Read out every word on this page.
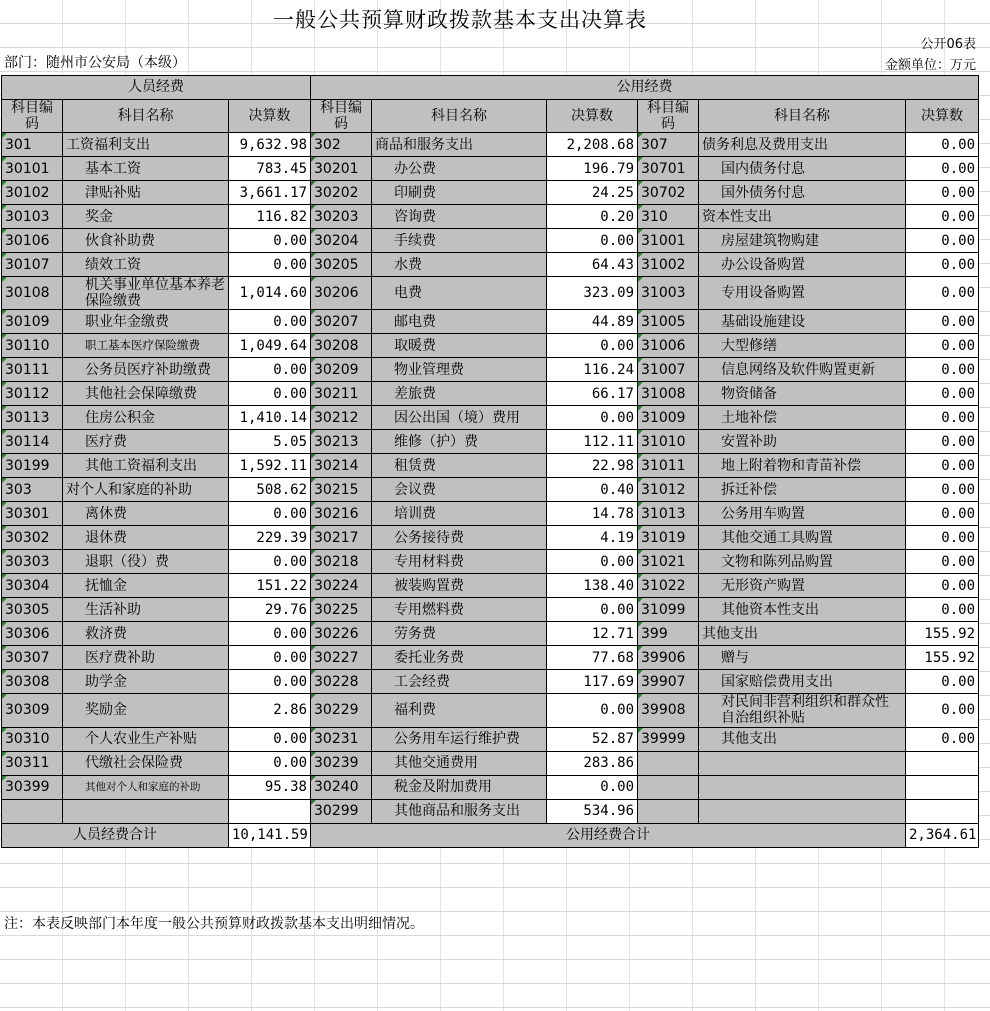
一般公共预算财政拨款基本支出决算表
公开06表
部门：随州市公安局（本级）	金额单位：万元
人员经费			公用经费					
科目编码	科目名称	决算数	科目编码	科目名称	决算数	科目编码	科目名称	决算数
301	工资福利支出	9,632.98	302	商品和服务支出	2,208.68	307	债务利息及费用支出	0.00
30101	基本工资	783.45	30201	办公费	196.79	30701	国内债务付息	0.00
30102	津贴补贴	3,661.17	30202	印刷费	24.25	30702	国外债务付息	0.00
30103	奖金	116.82	30203	咨询费	0.20	310	资本性支出	0.00
30106	伙食补助费	0.00	30204	手续费	0.00	31001	房屋建筑物购建	0.00
30107	绩效工资	0.00	30205	水费	64.43	31002	办公设备购置	0.00
30108	机关事业单位基本养老保险缴费	1,014.60	30206	电费	323.09	31003	专用设备购置	0.00
30109	职业年金缴费	0.00	30207	邮电费	44.89	31005	基础设施建设	0.00
30110	职工基本医疗保险缴费	1,049.64	30208	取暖费	0.00	31006	大型修缮	0.00
30111	公务员医疗补助缴费	0.00	30209	物业管理费	116.24	31007	信息网络及软件购置更新	0.00
30112	其他社会保障缴费	0.00	30211	差旅费	66.17	31008	物资储备	0.00
30113	住房公积金	1,410.14	30212	因公出国（境）费用	0.00	31009	土地补偿	0.00
30114	医疗费	5.05	30213	维修（护）费	112.11	31010	安置补助	0.00
30199	其他工资福利支出	1,592.11	30214	租赁费	22.98	31011	地上附着物和青苗补偿	0.00
303	对个人和家庭的补助	508.62	30215	会议费	0.40	31012	拆迁补偿	0.00
30301	离休费	0.00	30216	培训费	14.78	31013	公务用车购置	0.00
30302	退休费	229.39	30217	公务接待费	4.19	31019	其他交通工具购置	0.00
30303	退职（役）费	0.00	30218	专用材料费	0.00	31021	文物和陈列品购置	0.00
30304	抚恤金	151.22	30224	被装购置费	138.40	31022	无形资产购置	0.00
30305	生活补助	29.76	30225	专用燃料费	0.00	31099	其他资本性支出	0.00
30306	救济费	0.00	30226	劳务费	12.71	399	其他支出	155.92
30307	医疗费补助	0.00	30227	委托业务费	77.68	39906	赠与	155.92
30308	助学金	0.00	30228	工会经费	117.69	39907	国家赔偿费用支出	0.00
30309	奖励金	2.86	30229	福利费	0.00	39908	对民间非营利组织和群众性自治组织补贴	0.00
30310	个人农业生产补贴	0.00	30231	公务用车运行维护费	52.87	39999	其他支出	0.00
30311	代缴社会保险费	0.00	30239	其他交通费用	283.86			
30399	其他对个人和家庭的补助	95.38	30240	税金及附加费用	0.00			
			30299	其他商品和服务支出	534.96			
人员经费合计		10,141.59	公用经费合计					2,364.61
注：本表反映部门本年度一般公共预算财政拨款基本支出明细情况。
